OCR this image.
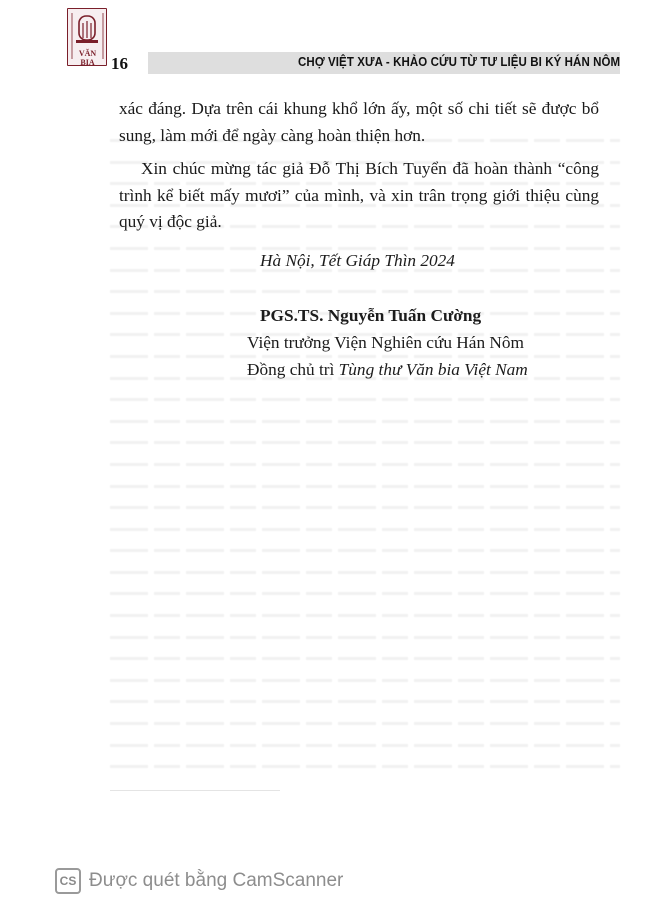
VĂN BIA 16	CHỢ VIỆT XƯA - KHẢO CỨU TỪ TƯ LIỆU BI KÝ HÁN NÔM

xác đáng. Dựa trên cái khung khổ lớn ấy, một số chi tiết sẽ được bổ
sung, làm mới để ngày càng hoàn thiện hơn.

Xin chúc mừng tác giả Đỗ Thị Bích Tuyển đã hoàn thành “công
trình kể biết mấy mươi” của mình, và xin trân trọng giới thiệu cùng
quý vị độc giả.

Hà Nội, Tết Giáp Thìn 2024
PGS.TS. Nguyễn Tuấn Cường
Viện trưởng Viện Nghiên cứu Hán Nôm
Đồng chủ trì Tùng thư Văn bia Việt Nam
CS Được quét bằng CamScanner
